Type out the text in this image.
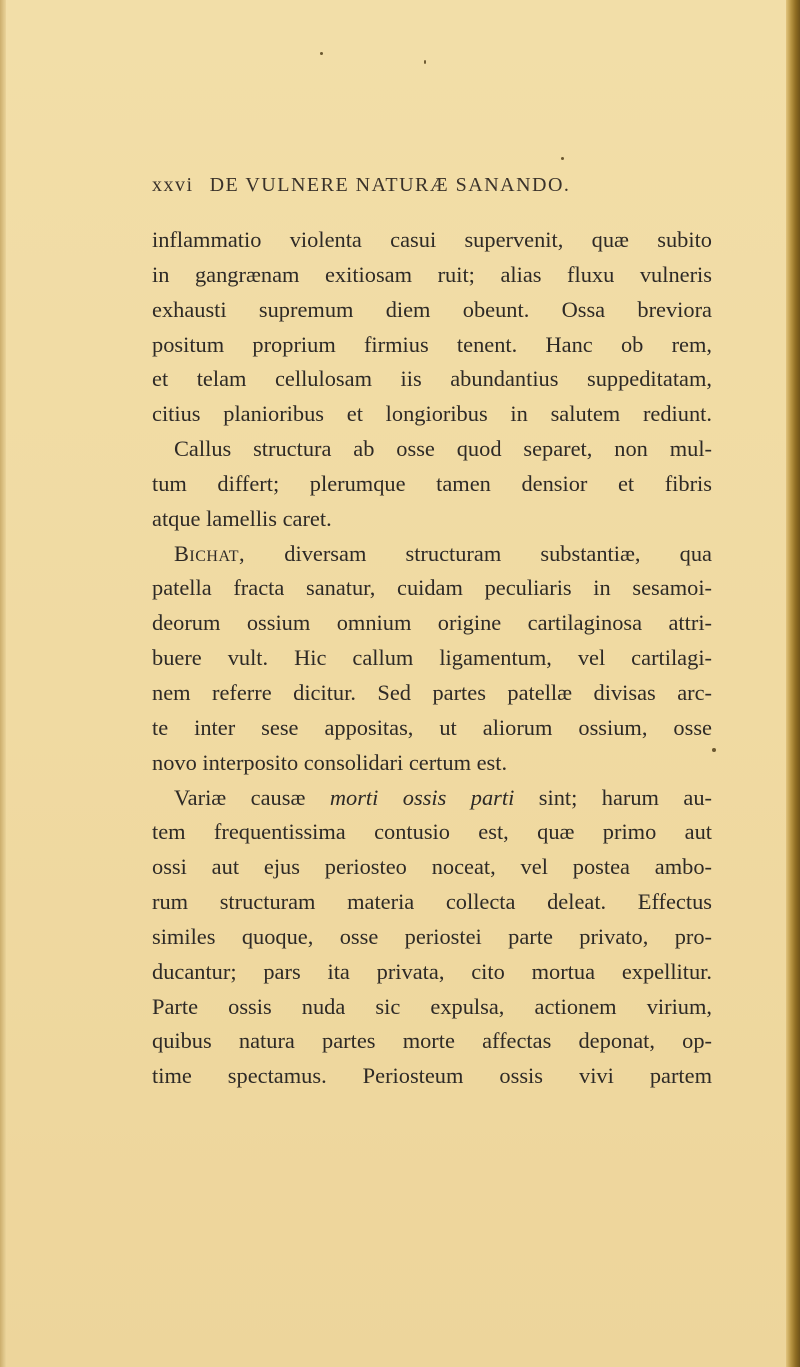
xxvi DE VULNERE NATURÆ SANANDO.
inflammatio violenta casui supervenit, quæ subito
in gangrænam exitiosam ruit; alias fluxu vulneris
exhausti supremum diem obeunt. Ossa breviora
positum proprium firmius tenent. Hanc ob rem,
et telam cellulosam iis abundantius suppeditatam,
citius planioribus et longioribus in salutem rediunt.
Callus structura ab osse quod separet, non mul-
tum differt; plerumque tamen densior et fibris
atque lamellis caret.
Bichat, diversam structuram substantiæ, qua
patella fracta sanatur, cuidam peculiaris in sesamoi-
deorum ossium omnium origine cartilaginosa attri-
buere vult. Hic callum ligamentum, vel cartilagi-
nem referre dicitur. Sed partes patellæ divisas arc-
te inter sese appositas, ut aliorum ossium, osse
novo interposito consolidari certum est.
Variæ causæ morti ossis parti sint; harum au-
tem frequentissima contusio est, quæ primo aut
ossi aut ejus periosteo noceat, vel postea ambo-
rum structuram materia collecta deleat. Effectus
similes quoque, osse periostei parte privato, pro-
ducantur; pars ita privata, cito mortua expellitur.
Parte ossis nuda sic expulsa, actionem virium,
quibus natura partes morte affectas deponat, op-
time spectamus. Periosteum ossis vivi partem
